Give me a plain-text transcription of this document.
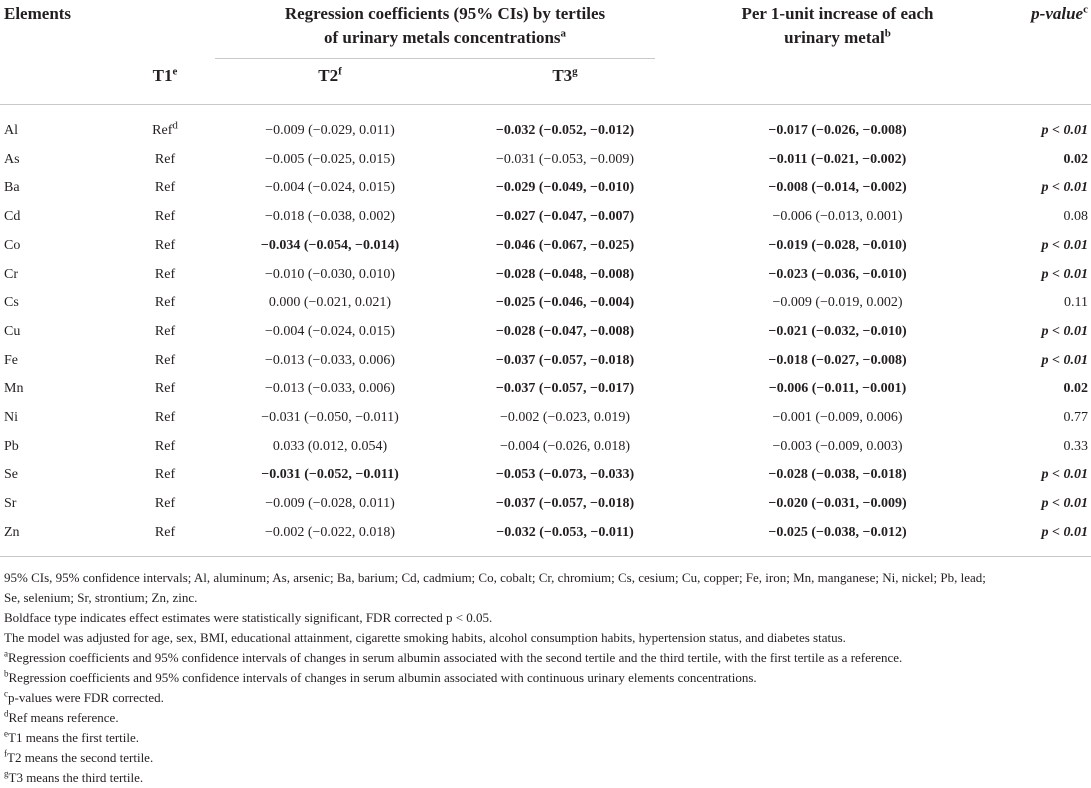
Elements	Regression coefficients (95% CIs) by tertiles
of urinary metals concentrations$^a$
Per 1-unit increase of each
urinary metal$^b$
p-value$^c$
T1e	T2$^f$	T3$^g$
Al	Ref$^d$	−0.009 (−0.029, 0.011)	−0.032 (−0.052, −0.012)	−0.017 (−0.026, −0.008)	p < 0.01
As	Ref	−0.005 (−0.025, 0.015)	−0.031 (−0.053, −0.009)	−0.011 (−0.021, −0.002)	0.02
Ba	Ref	−0.004 (−0.024, 0.015)	−0.029 (−0.049, −0.010)	−0.008 (−0.014, −0.002)	p < 0.01
Cd	Ref	−0.018 (−0.038, 0.002)	−0.027 (−0.047, −0.007)	−0.006 (−0.013, 0.001)	0.08
Co	Ref	−0.034 (−0.054, −0.014)	−0.046 (−0.067, −0.025)	−0.019 (−0.028, −0.010)	p < 0.01
Cr	Ref	−0.010 (−0.030, 0.010)	−0.028 (−0.048, −0.008)	−0.023 (−0.036, −0.010)	p < 0.01
Cs	Ref	0.000 (−0.021, 0.021)	−0.025 (−0.046, −0.004)	−0.009 (−0.019, 0.002)	0.11
Cu	Ref	−0.004 (−0.024, 0.015)	−0.028 (−0.047, −0.008)	−0.021 (−0.032, −0.010)	p < 0.01
Fe	Ref	−0.013 (−0.033, 0.006)	−0.037 (−0.057, −0.018)	−0.018 (−0.027, −0.008)	p < 0.01
Mn	Ref	−0.013 (−0.033, 0.006)	−0.037 (−0.057, −0.017)	−0.006 (−0.011, −0.001)	0.02
Ni	Ref	−0.031 (−0.050, −0.011)	−0.002 (−0.023, 0.019)	−0.001 (−0.009, 0.006)	0.77
Pb	Ref	0.033 (0.012, 0.054)	−0.004 (−0.026, 0.018)	−0.003 (−0.009, 0.003)	0.33
Se	Ref	−0.031 (−0.052, −0.011)	−0.053 (−0.073, −0.033)	−0.028 (−0.038, −0.018)	p < 0.01
Sr	Ref	−0.009 (−0.028, 0.011)	−0.037 (−0.057, −0.018)	−0.020 (−0.031, −0.009)	p < 0.01
Zn	Ref	−0.002 (−0.022, 0.018)	−0.032 (−0.053, −0.011)	−0.025 (−0.038, −0.012)	p < 0.01
95% CIs, 95% confidence intervals; Al, aluminum; As, arsenic; Ba, barium; Cd, cadmium; Co, cobalt; Cr, chromium; Cs, cesium; Cu, copper; Fe, iron; Mn, manganese; Ni, nickel; Pb, lead;
Se, selenium; Sr, strontium; Zn, zinc.
Boldface type indicates effect estimates were statistically significant, FDR corrected p < 0.05.
The model was adjusted for age, sex, BMI, educational attainment, cigarette smoking habits, alcohol consumption habits, hypertension status, and diabetes status.
$^a$Regression coefficients and 95% confidence intervals of changes in serum albumin associated with the second tertile and the third tertile, with the first tertile as a reference.
$^b$Regression coefficients and 95% confidence intervals of changes in serum albumin associated with continuous urinary elements concentrations.
$^c$p-values were FDR corrected.
$^d$Ref means reference.
$^e$T1 means the first tertile.
$^f$T2 means the second tertile.
$^g$T3 means the third tertile.
